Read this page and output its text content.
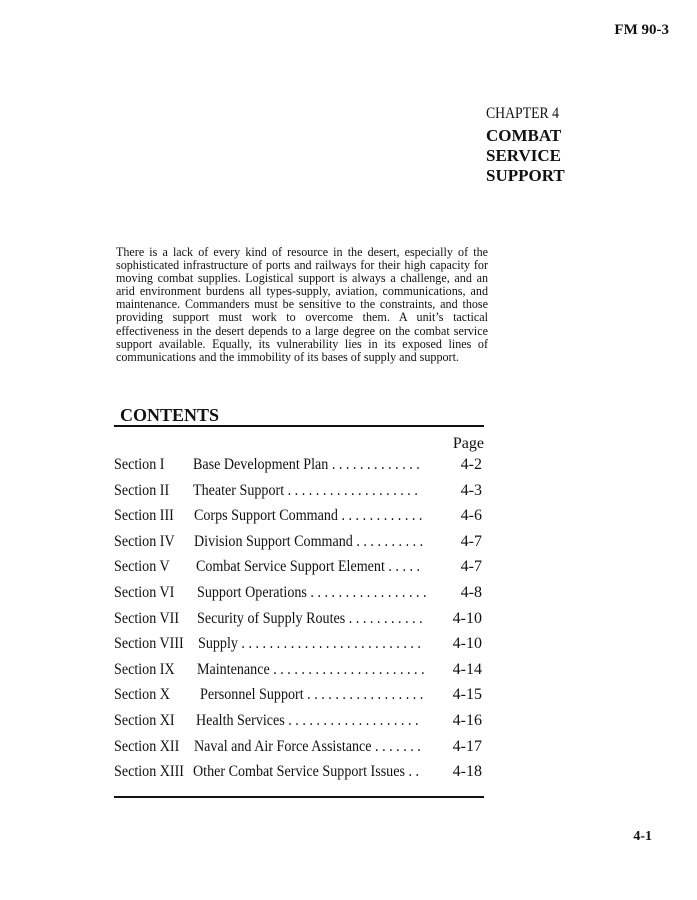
FM 90-3
CHAPTER 4
COMBAT
SERVICE
SUPPORT
There is a lack of every kind of resource in the desert, especially of the sophisticated infrastructure of ports and railways for their high capacity for moving combat supplies. Logistical support is always a challenge, and an arid environment burdens all types-supply, aviation, communications, and maintenance. Commanders must be sensitive to the constraints, and those providing support must work to overcome them. A unit’s tactical effectiveness in the desert depends to a large degree on the combat service support available. Equally, its vulnerability lies in its exposed lines of communications and the immobility of its bases of supply and support.
CONTENTS
Page
Section I	Base Development Plan . . . . . . . . . . . . .	4-2
Section II	Theater Support . . . . . . . . . . . . . . . . . . .	4-3
Section III	Corps Support Command . . . . . . . . . . . .	4-6
Section IV	Division Support Command . . . . . . . . . .	4-7
Section V	Combat Service Support Element . . . . .	4-7
Section VI	Support Operations . . . . . . . . . . . . . . . . .	4-8
Section VII	Security of Supply Routes . . . . . . . . . . .	4-10
Section VIII Supply . . . . . . . . . . . . . . . . . . . . . . . . . .	4-10
Section IX	Maintenance . . . . . . . . . . . . . . . . . . . . . .	4-14
Section X	Personnel Support . . . . . . . . . . . . . . . . .	4-15
Section XI	Health Services . . . . . . . . . . . . . . . . . . .	4-16
Section XII Naval and Air Force Assistance . . . . . . .	4-17
Section XIII Other Combat Service Support Issues . .	4-18
4-1
